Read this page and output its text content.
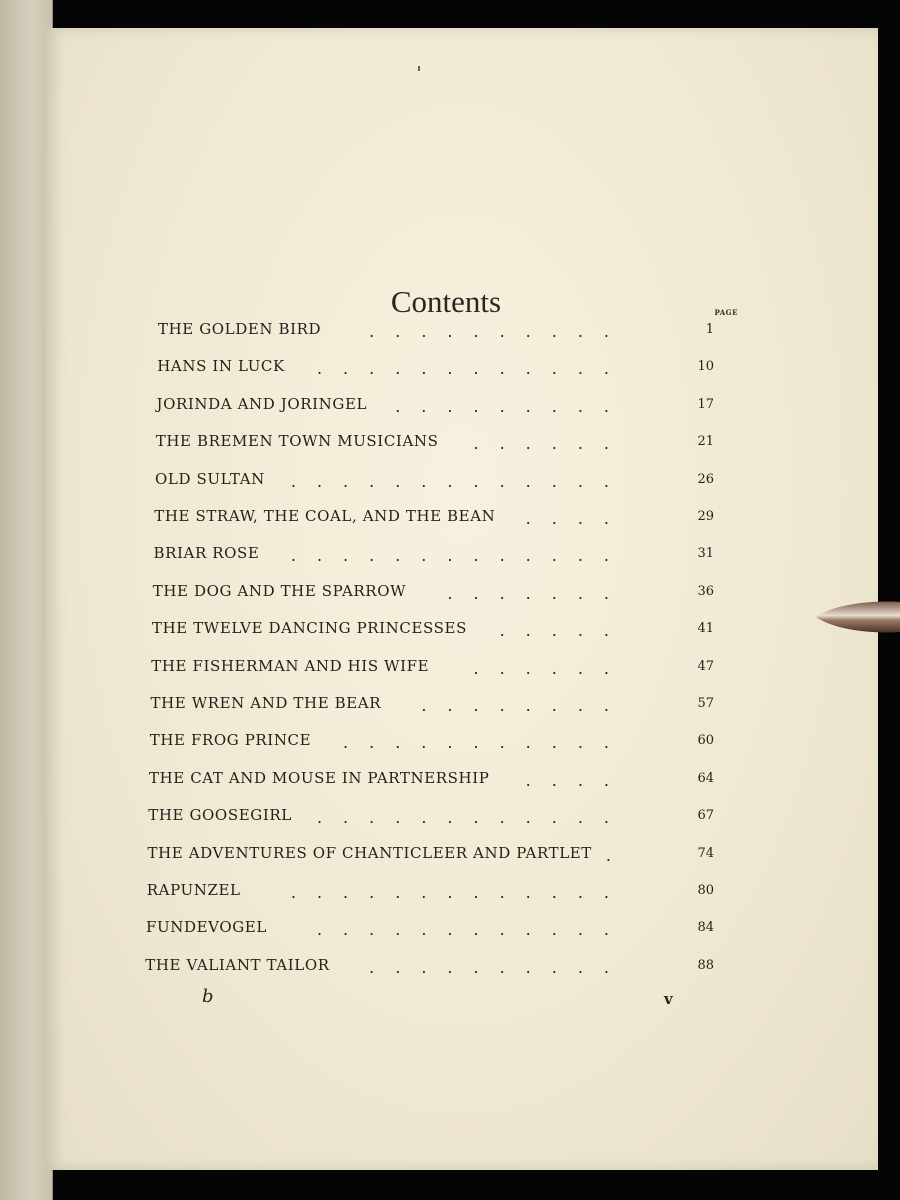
Contents	PAGE
THE GOLDEN BIRD	..........	1
HANS IN LUCK	............	10
JORINDA AND JORINGEL	.........	17
THE BREMEN TOWN MUSICIANS	......	21
OLD SULTAN	.............	26
THE STRAW, THE COAL, AND THE BEAN	....	29
BRIAR ROSE	.............	31
THE DOG AND THE SPARROW	.......	36
THE TWELVE DANCING PRINCESSES	.....	41
THE FISHERMAN AND HIS WIFE	......	47
THE WREN AND THE BEAR	........	57
THE FROG PRINCE	...........	60
THE CAT AND MOUSE IN PARTNERSHIP	....	64
THE GOOSEGIRL	............	67
THE ADVENTURES OF CHANTICLEER AND PARTLET .	74
RAPUNZEL	.............	80
FUNDEVOGEL	............	84
THE VALIANT TAILOR	..........	88
b	v
